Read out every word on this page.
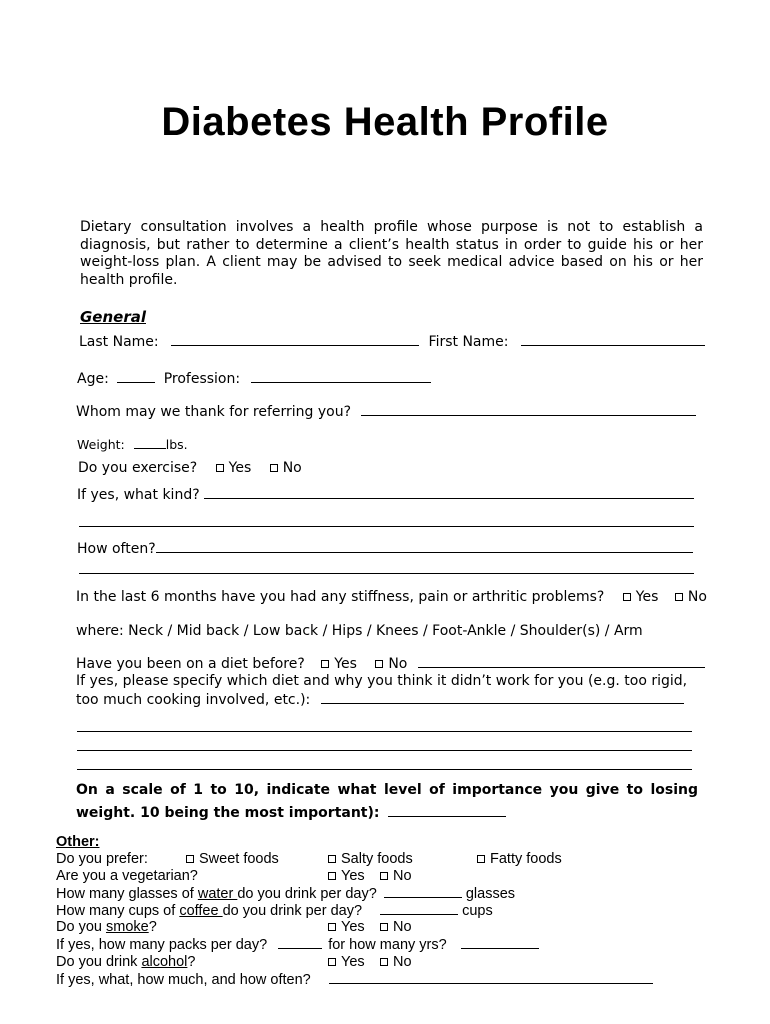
Diabetes Health Profile
Dietary consultation involves a health profile whose purpose is not to establish a diagnosis, but rather to determine a client’s health status in order to guide his or her weight-loss plan. A client may be advised to seek medical advice based on his or her health profile.
General
Last Name:	First Name:
Age:	Profession:
Whom may we thank for referring you?
Weight:	lbs.
Do you exercise? Yes No
If yes, what kind?
How often?
In the last 6 months have you had any stiffness, pain or arthritic problems? Yes No
where: Neck / Mid back / Low back / Hips / Knees / Foot-Ankle / Shoulder(s) / Arm
Have you been on a diet before? Yes No
If yes, please specify which diet and why you think it didn’t work for you (e.g. too rigid,
too much cooking involved, etc.):
On a scale of 1 to 10, indicate what level of importance you give to losing weight. 10 being the most important):
Other:
Do you prefer:	Sweet foods	Salty foods	Fatty foods
Are you a vegetarian?	Yes	No
How many glasses of water do you drink per day?	glasses
How many cups of coffee do you drink per day?	cups
Do you smoke?	Yes	No
If yes, how many packs per day?	for how many yrs?
Do you drink alcohol?	Yes	No
If yes, what, how much, and how often?
